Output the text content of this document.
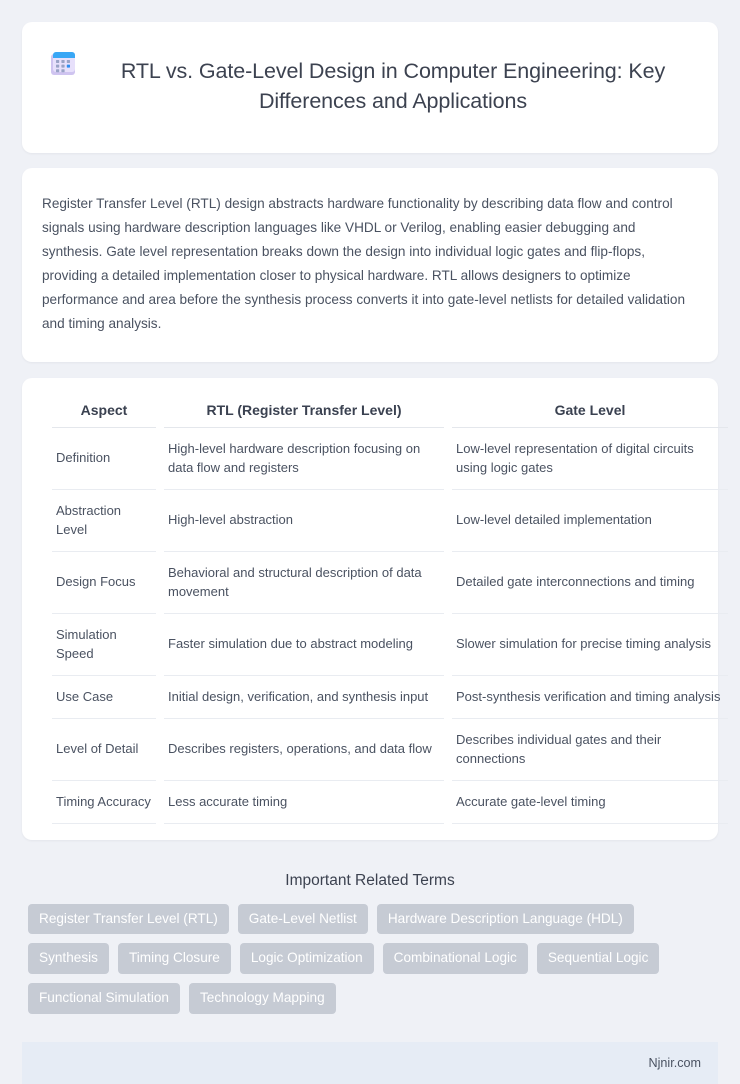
RTL vs. Gate-Level Design in Computer Engineering: Key Differences and Applications

Register Transfer Level (RTL) design abstracts hardware functionality by describing data flow and control signals using hardware description languages like VHDL or Verilog, enabling easier debugging and synthesis. Gate level representation breaks down the design into individual logic gates and flip-flops, providing a detailed implementation closer to physical hardware. RTL allows designers to optimize performance and area before the synthesis process converts it into gate-level netlists for detailed validation and timing analysis.

Aspect	RTL (Register Transfer Level)	Gate Level
Definition	High-level hardware description focusing on data flow and registers	Low-level representation of digital circuits using logic gates
Abstraction Level	High-level abstraction	Low-level detailed implementation
Design Focus	Behavioral and structural description of data movement	Detailed gate interconnections and timing
Simulation Speed	Faster simulation due to abstract modeling	Slower simulation for precise timing analysis
Use Case	Initial design, verification, and synthesis input	Post-synthesis verification and timing analysis
Level of Detail	Describes registers, operations, and data flow	Describes individual gates and their connections
Timing Accuracy	Less accurate timing	Accurate gate-level timing
Important Related Terms
Register Transfer Level (RTL)	Gate-Level Netlist	Hardware Description Language (HDL)
Synthesis	Timing Closure	Logic Optimization	Combinational Logic	Sequential Logic
Functional Simulation	Technology Mapping
Njnir.com
